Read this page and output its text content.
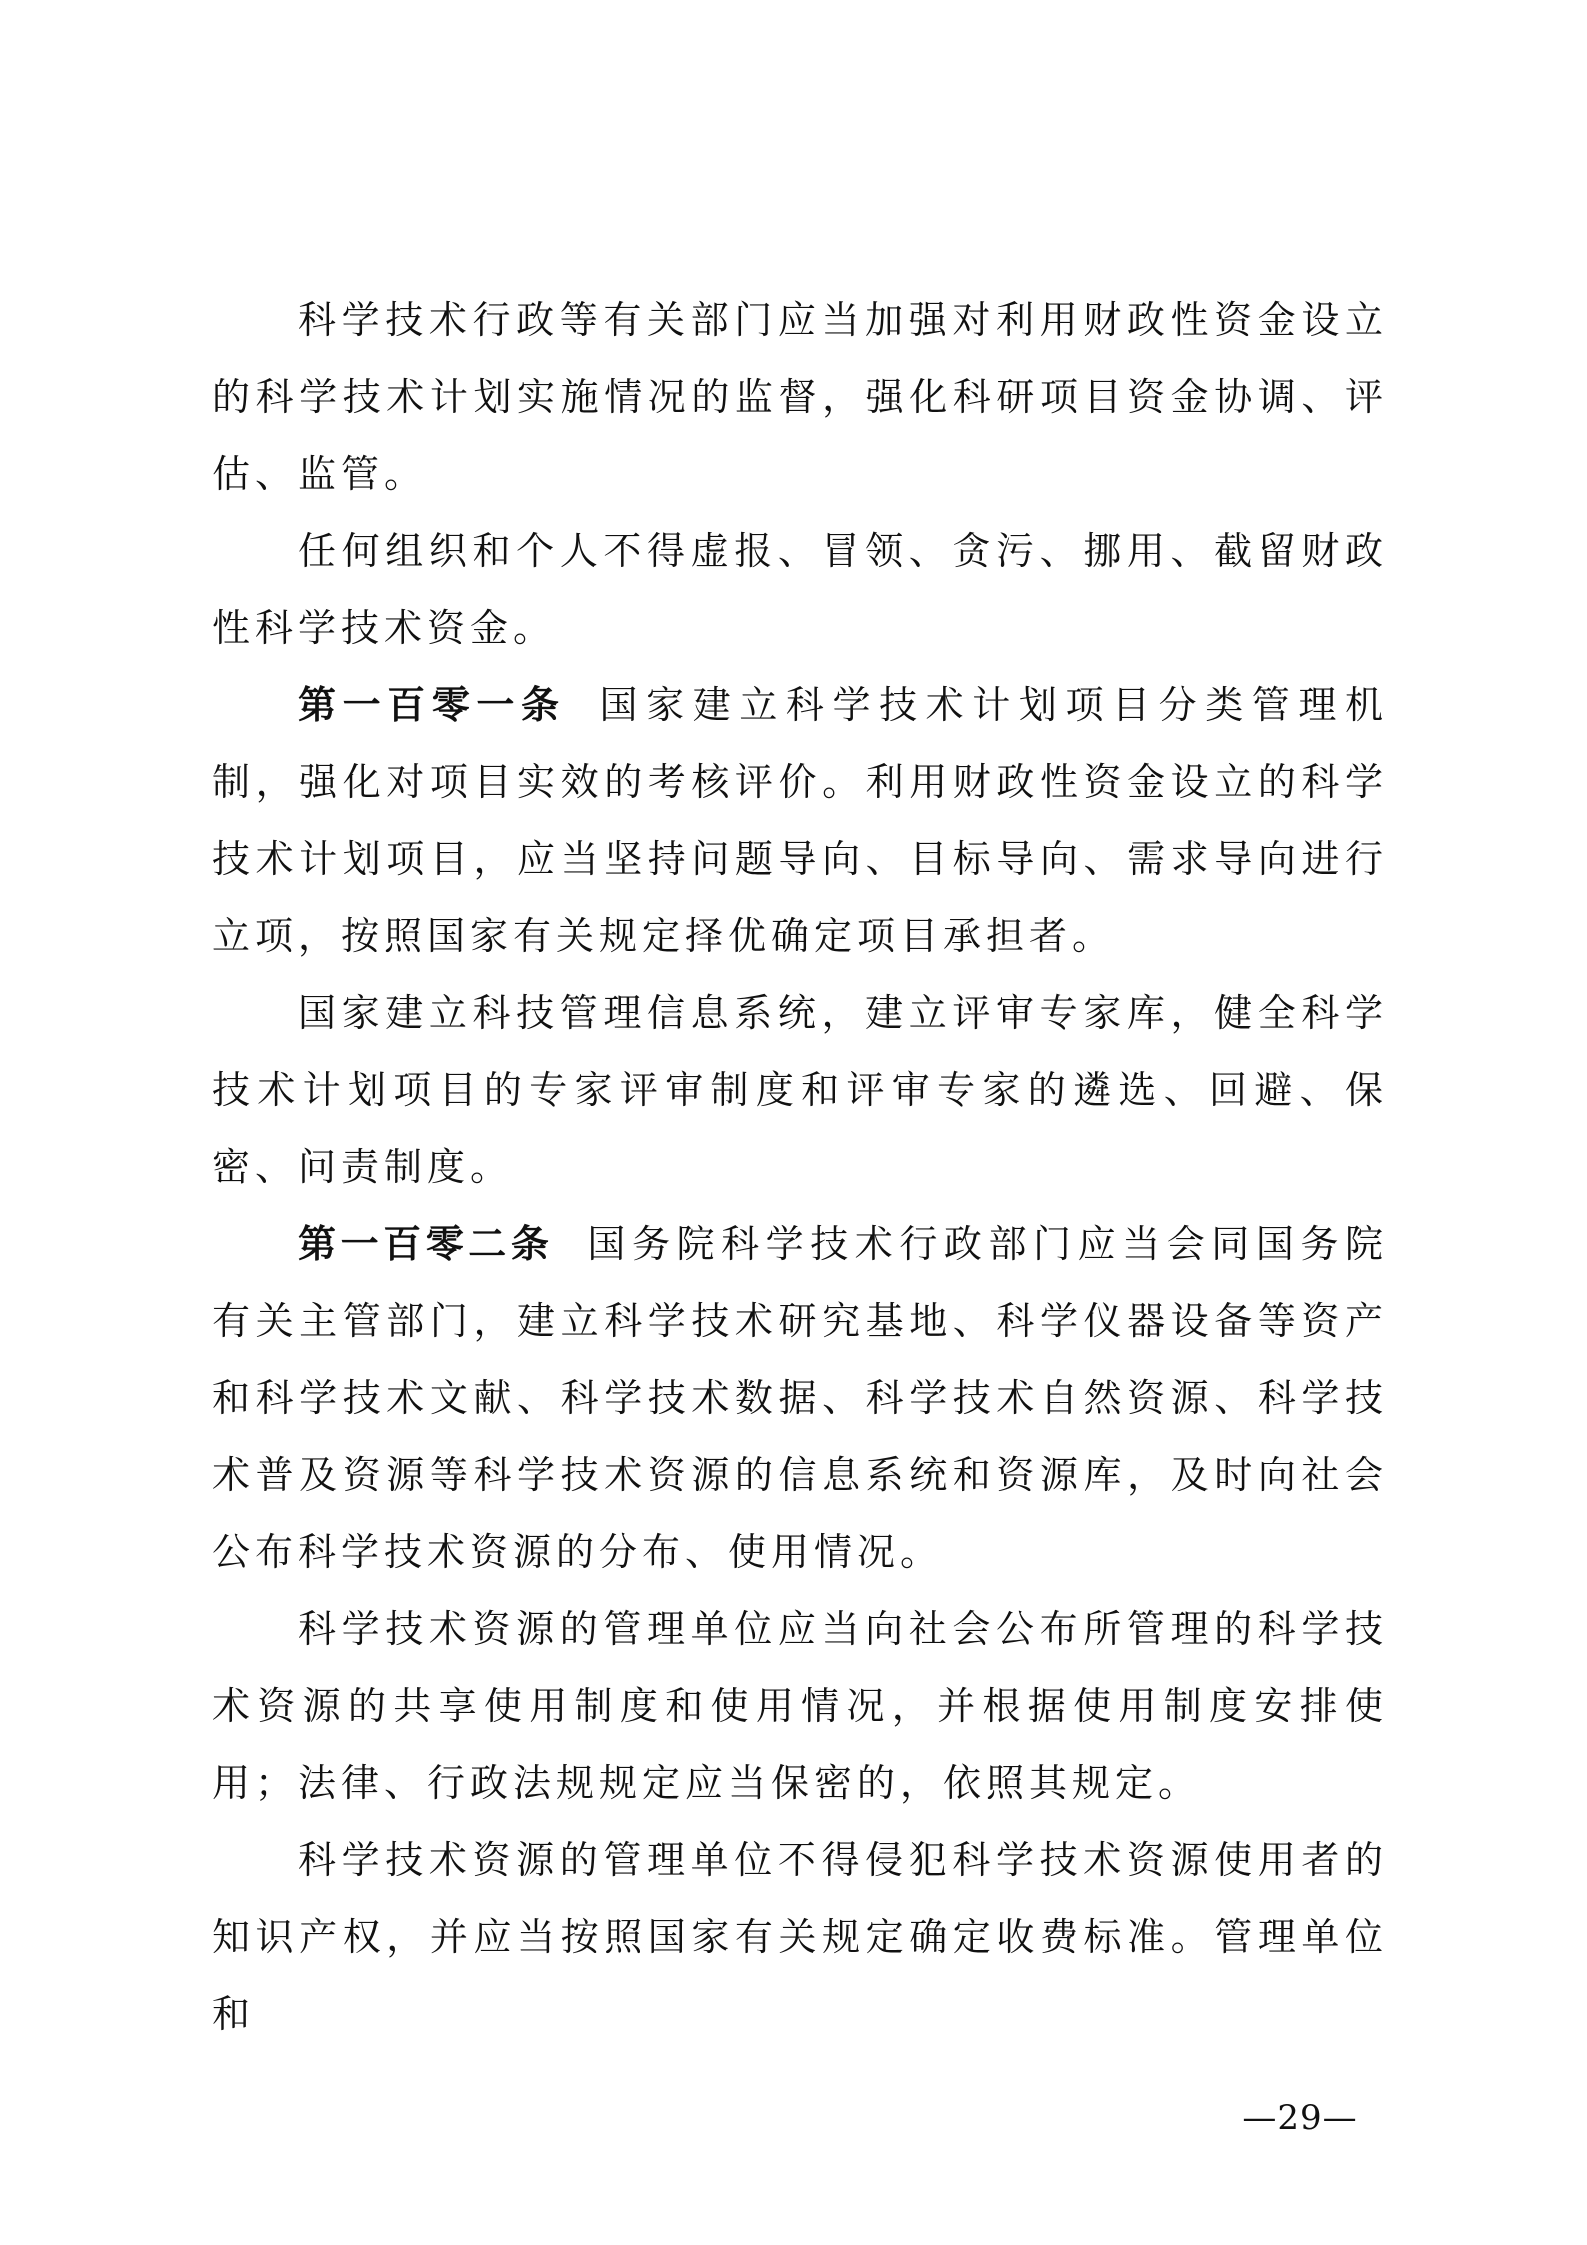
科学技术行政等有关部门应当加强对利用财政性资金设立的科学技术计划实施情况的监督，强化科研项目资金协调、评估、监管。

任何组织和个人不得虚报、冒领、贪污、挪用、截留财政性科学技术资金。

第一百零一条 国家建立科学技术计划项目分类管理机制，强化对项目实效的考核评价。利用财政性资金设立的科学技术计划项目，应当坚持问题导向、目标导向、需求导向进行立项，按照国家有关规定择优确定项目承担者。

国家建立科技管理信息系统，建立评审专家库，健全科学技术计划项目的专家评审制度和评审专家的遴选、回避、保密、问责制度。

第一百零二条 国务院科学技术行政部门应当会同国务院有关主管部门，建立科学技术研究基地、科学仪器设备等资产和科学技术文献、科学技术数据、科学技术自然资源、科学技术普及资源等科学技术资源的信息系统和资源库，及时向社会公布科学技术资源的分布、使用情况。

科学技术资源的管理单位应当向社会公布所管理的科学技术资源的共享使用制度和使用情况，并根据使用制度安排使用；法律、行政法规规定应当保密的，依照其规定。

科学技术资源的管理单位不得侵犯科学技术资源使用者的知识产权，并应当按照国家有关规定确定收费标准。管理单位和

—29—
